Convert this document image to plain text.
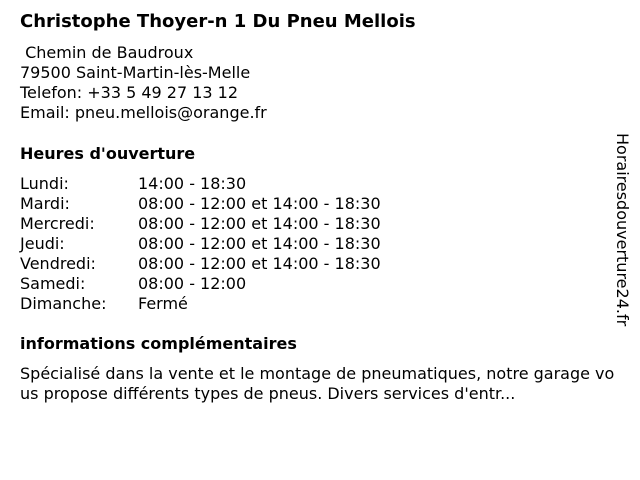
Christophe Thoyer-n 1 Du Pneu Mellois
Chemin de Baudroux
79500 Saint-Martin-lès-Melle
Telefon: +33 5 49 27 13 12
Email: pneu.mellois@orange.fr
Heures d'ouverture
Lundi:	14:00 - 18:30
Mardi:	08:00 - 12:00 et 14:00 - 18:30
Mercredi:	08:00 - 12:00 et 14:00 - 18:30
Jeudi:	08:00 - 12:00 et 14:00 - 18:30
Vendredi:	08:00 - 12:00 et 14:00 - 18:30
Samedi:	08:00 - 12:00
Dimanche:	Fermé
informations complémentaires
Spécialisé dans la vente et le montage de pneumatiques, notre garage vous propose différents types de pneus. Divers services d'entr...
Horairesdouverture24.fr
